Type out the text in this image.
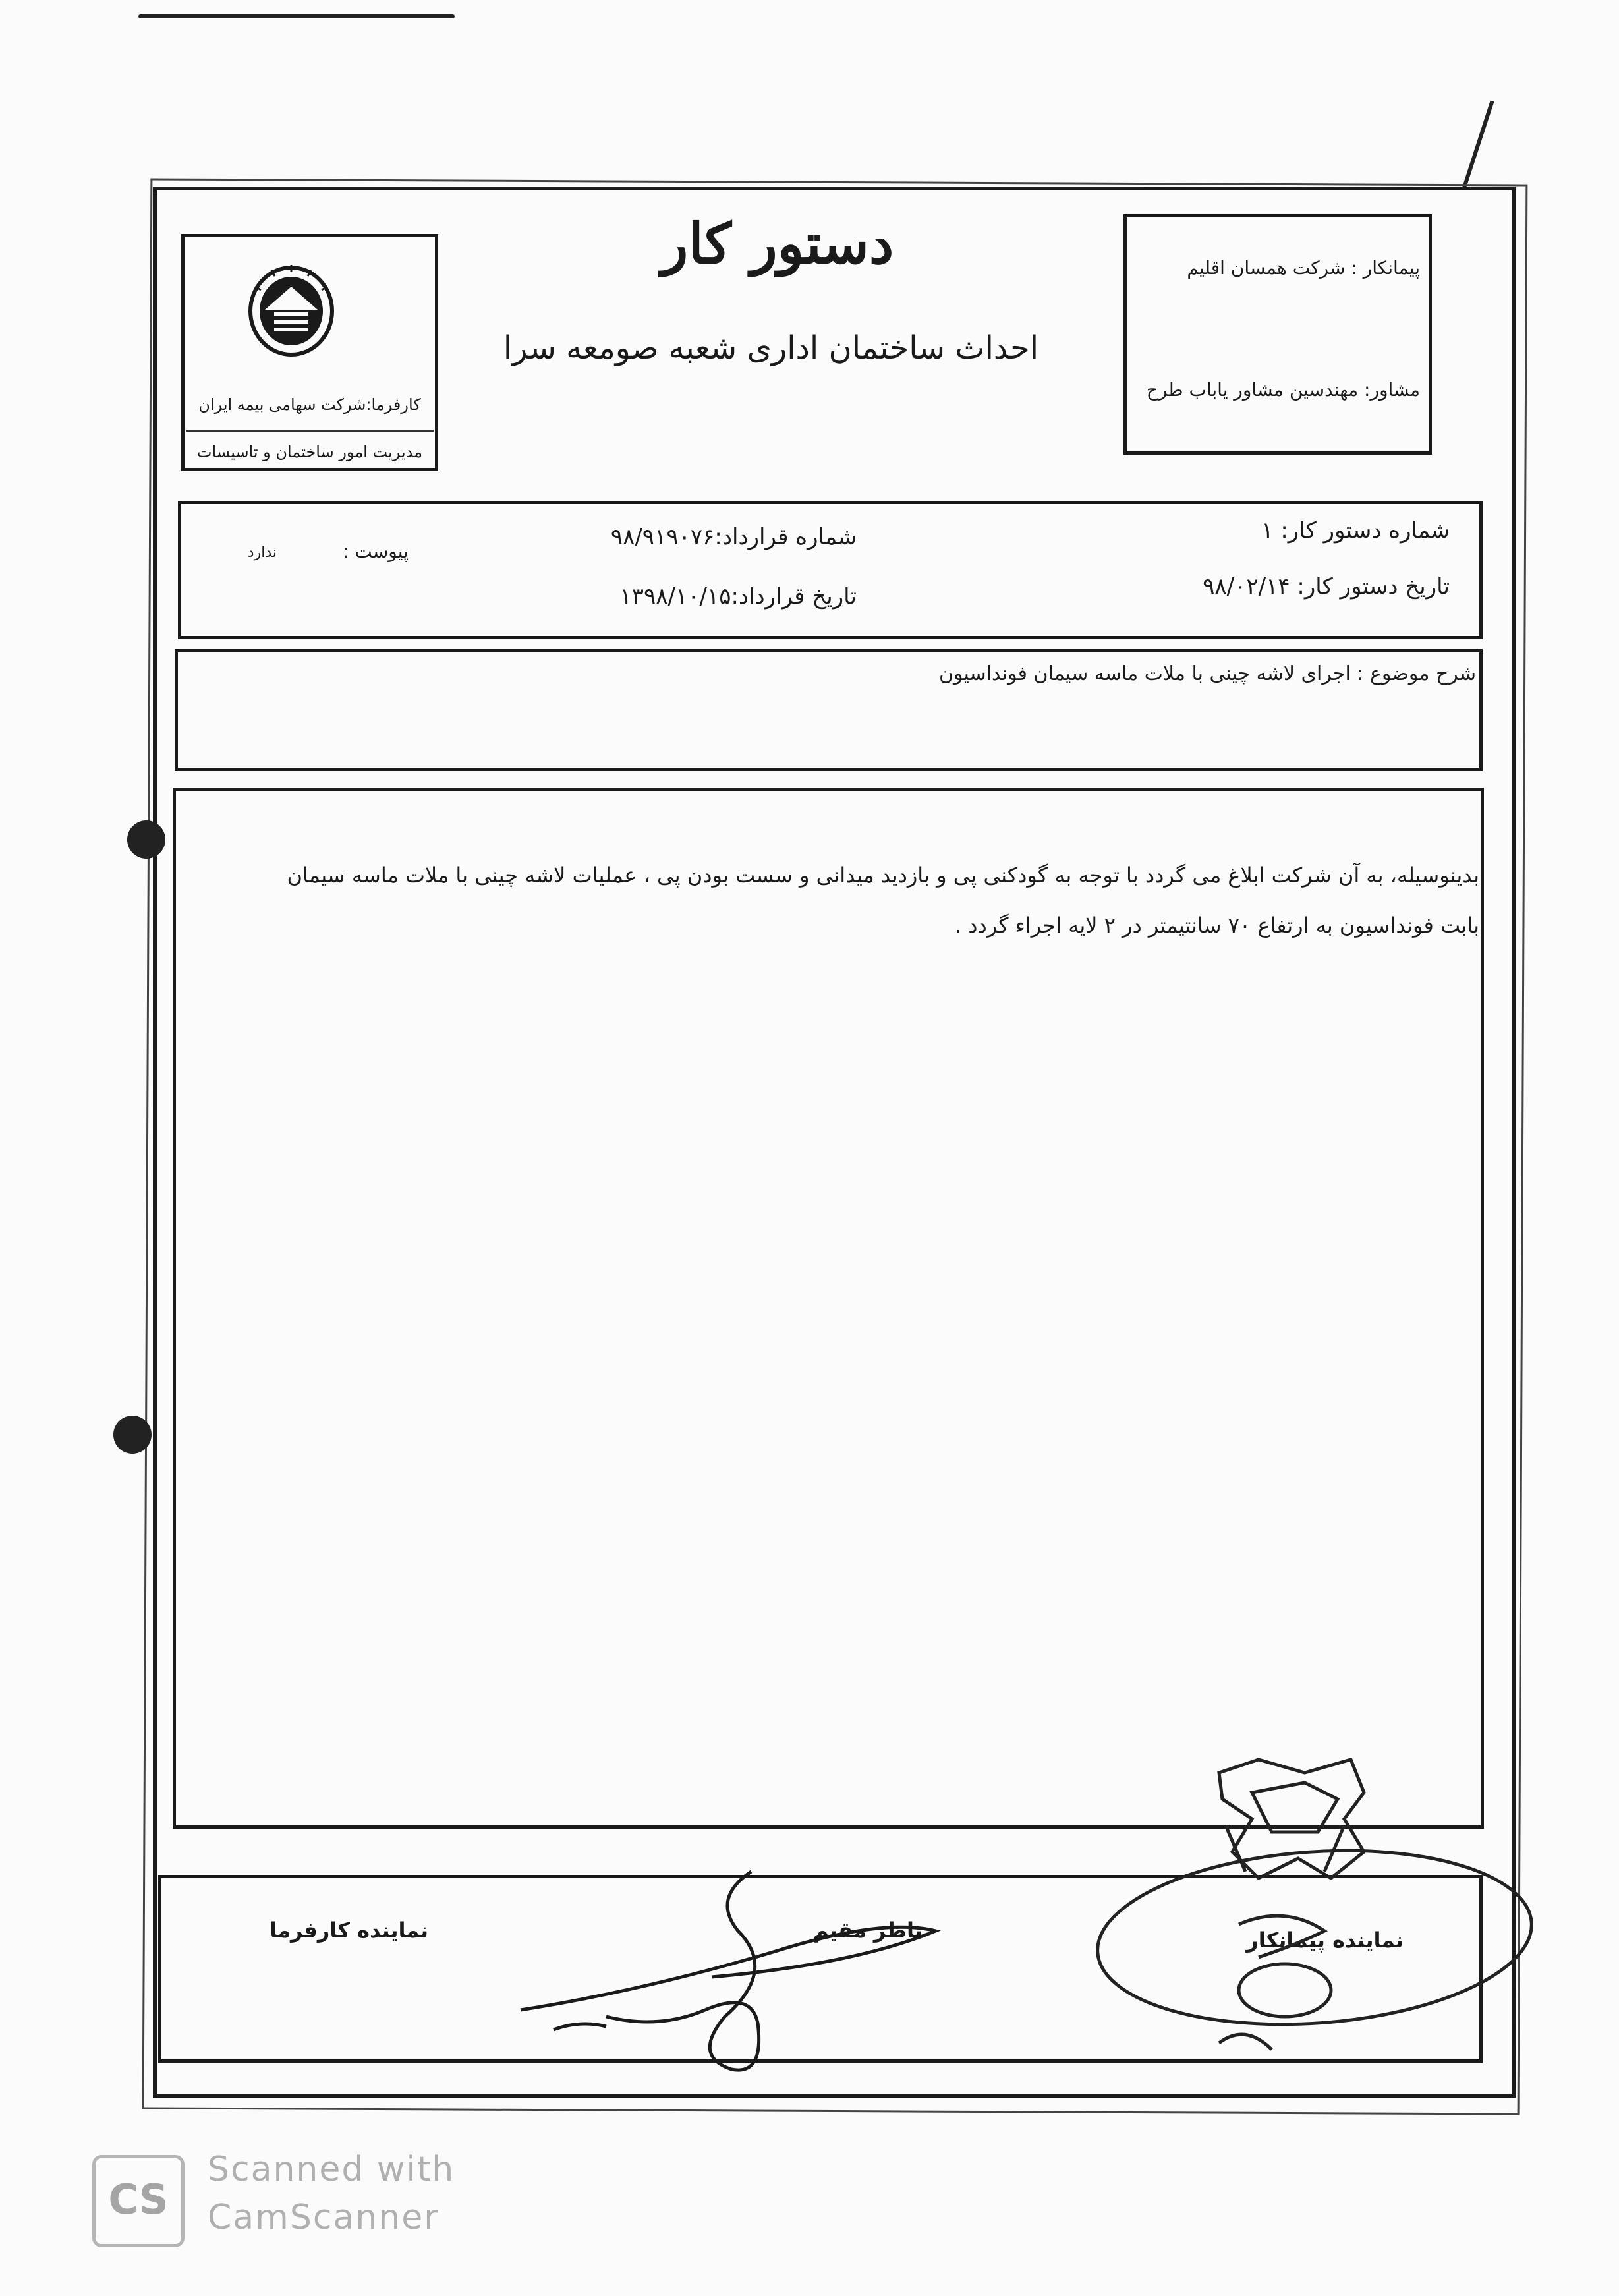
کارفرما:شرکت سهامی بیمه ایران
مدیریت امور ساختمان و تاسیسات
دستور کار
احداث ساختمان اداری شعبه صومعه سرا
پیمانکار : شرکت همسان اقلیم
مشاور: مهندسین مشاور یاباب طرح
شماره دستور کار: ۱
تاریخ دستور کار: ۹۸/۰۲/۱۴
شماره قرارداد:۹۸/۹۱۹۰۷۶
تاریخ قرارداد:۱۳۹۸/۱۰/۱۵
پیوست :
ندارد
شرح موضوع : اجرای لاشه چینی با ملات ماسه سیمان فونداسیون
بدینوسیله، به آن شرکت ابلاغ می گردد با توجه به گودکنی پی و بازدید میدانی و سست بودن پی ، عملیات لاشه چینی با ملات ماسه سیمان
بابت فونداسیون به ارتفاع ۷۰ سانتیمتر در ۲ لایه اجراء گردد .
نماینده پیمانکار
ناظر مقیم
نماینده کارفرما
CS
Scanned with
CamScanner
